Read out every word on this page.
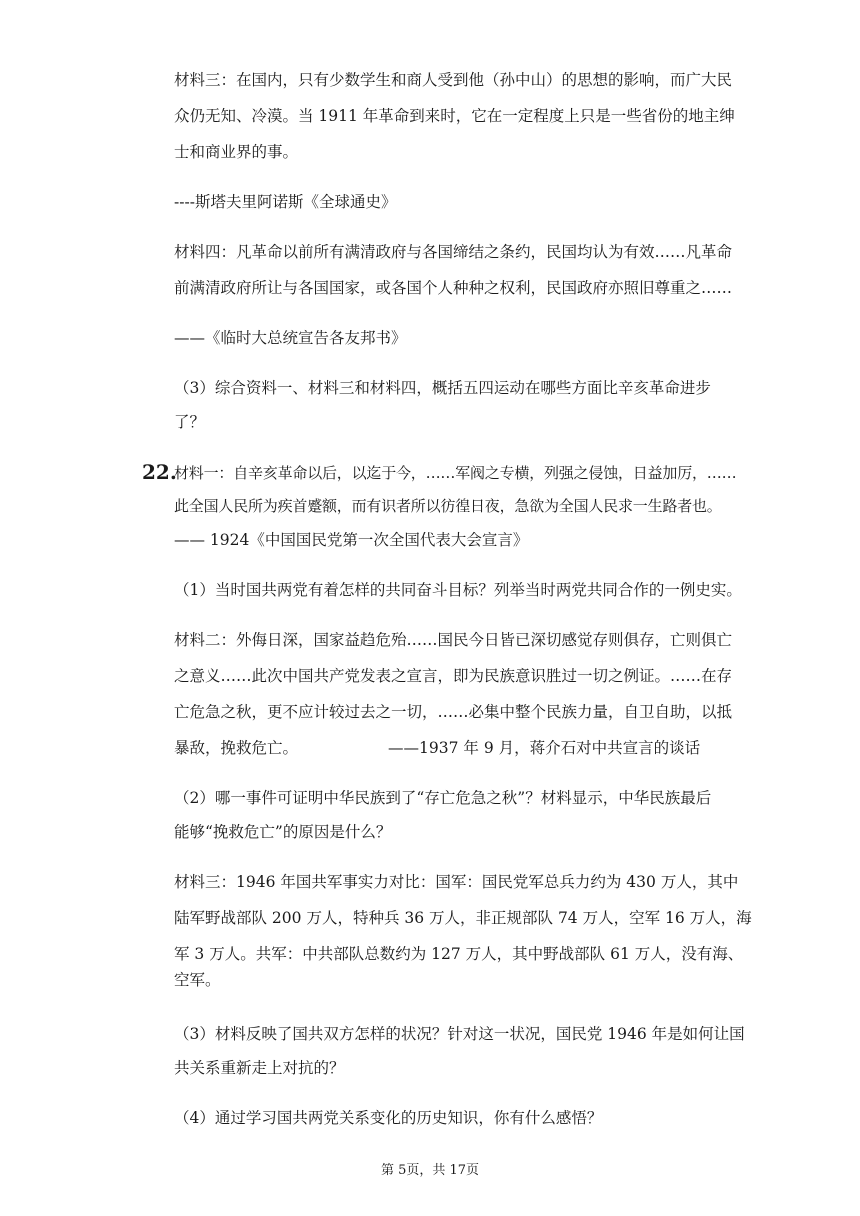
材料三：在国内，只有少数学生和商人受到他（孙中山）的思想的影响，而广大民
众仍无知、冷漠。当 1911 年革命到来时，它在一定程度上只是一些省份的地主绅
士和商业界的事。
----斯塔夫里阿诺斯《全球通史》
材料四：凡革命以前所有满清政府与各国缔结之条约，民国均认为有效……凡革命
前满清政府所让与各国国家，或各国个人种种之权利，民国政府亦照旧尊重之……
——《临时大总统宣告各友邦书》
（3）综合资料一、材料三和材料四，概括五四运动在哪些方面比辛亥革命进步
了？
22.
材料一：自辛亥革命以后，以迄于今，……军阀之专横，列强之侵蚀，日益加厉，……
此全国人民所为疾首蹙额，而有识者所以彷徨日夜，急欲为全国人民求一生路者也。
—— 1924《中国国民党第一次全国代表大会宣言》
（1）当时国共两党有着怎样的共同奋斗目标？列举当时两党共同合作的一例史实。
材料二：外侮日深，国家益趋危殆……国民今日皆已深切感觉存则俱存，亡则俱亡
之意义……此次中国共产党发表之宣言，即为民族意识胜过一切之例证。……在存
亡危急之秋，更不应计较过去之一切，……必集中整个民族力量，自卫自助，以抵
暴敌，挽救危亡。	——1937 年 9 月，蒋介石对中共宣言的谈话
（2）哪一事件可证明中华民族到了“存亡危急之秋”？材料显示，中华民族最后
能够“挽救危亡”的原因是什么？
材料三：1946 年国共军事实力对比：国军：国民党军总兵力约为 430 万人，其中
陆军野战部队 200 万人，特种兵 36 万人，非正规部队 74 万人，空军 16 万人，海
军 3 万人。共军：中共部队总数约为 127 万人，其中野战部队 61 万人，没有海、
空军。
（3）材料反映了国共双方怎样的状况？针对这一状况，国民党 1946 年是如何让国
共关系重新走上对抗的？
（4）通过学习国共两党关系变化的历史知识，你有什么感悟？
第 5页，共 17页
